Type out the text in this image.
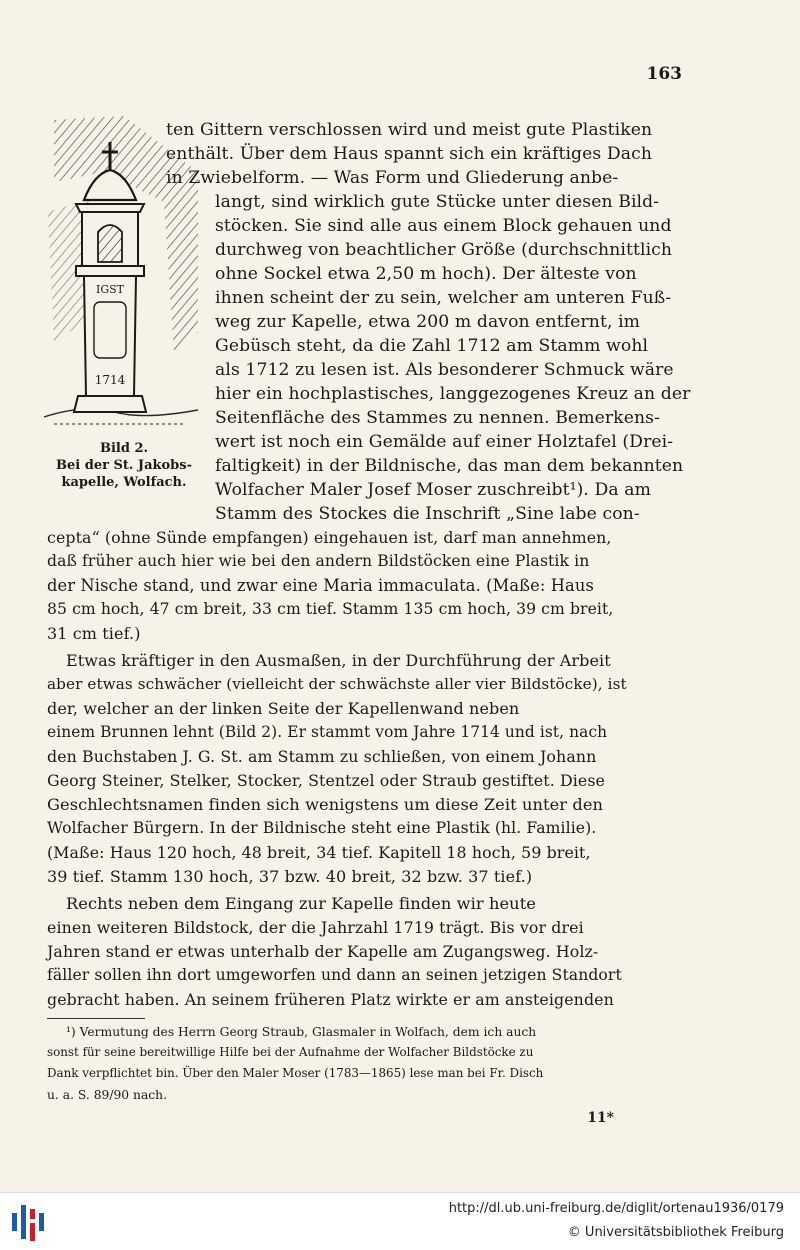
163
IGST
1714
Bild 2.
Bei der St. Jakobs-
kapelle, Wolfach.
ten Gittern verschlossen wird und meist gute Plastiken
enthält. Über dem Haus spannt sich ein kräftiges Dach
in Zwiebelform. — Was Form und Gliederung anbe-
langt, sind wirklich gute Stücke unter diesen Bild-
stöcken. Sie sind alle aus einem Block gehauen und
durchweg von beachtlicher Größe (durchschnittlich
ohne Sockel etwa 2,50 m hoch). Der älteste von
ihnen scheint der zu sein, welcher am unteren Fuß-
weg zur Kapelle, etwa 200 m davon entfernt, im
Gebüsch steht, da die Zahl 1712 am Stamm wohl
als 1712 zu lesen ist. Als besonderer Schmuck wäre
hier ein hochplastisches, langgezogenes Kreuz an der
Seitenfläche des Stammes zu nennen. Bemerkens-
wert ist noch ein Gemälde auf einer Holztafel (Drei-
faltigkeit) in der Bildnische, das man dem bekannten
Wolfacher Maler Josef Moser zuschreibt¹). Da am
Stamm des Stockes die Inschrift „Sine labe con-
cepta“ (ohne Sünde empfangen) eingehauen ist, darf man annehmen,
daß früher auch hier wie bei den andern Bildstöcken eine Plastik in
der Nische stand, und zwar eine Maria immaculata. (Maße: Haus
85 cm hoch, 47 cm breit, 33 cm tief. Stamm 135 cm hoch, 39 cm breit,
31 cm tief.)
Etwas kräftiger in den Ausmaßen, in der Durchführung der Arbeit
aber etwas schwächer (vielleicht der schwächste aller vier Bildstöcke), ist
der, welcher an der linken Seite der Kapellenwand neben
einem Brunnen lehnt (Bild 2). Er stammt vom Jahre 1714 und ist, nach
den Buchstaben J. G. St. am Stamm zu schließen, von einem Johann
Georg Steiner, Stelker, Stocker, Stentzel oder Straub gestiftet. Diese
Geschlechtsnamen finden sich wenigstens um diese Zeit unter den
Wolfacher Bürgern. In der Bildnische steht eine Plastik (hl. Familie).
(Maße: Haus 120 hoch, 48 breit, 34 tief. Kapitell 18 hoch, 59 breit,
39 tief. Stamm 130 hoch, 37 bzw. 40 breit, 32 bzw. 37 tief.)
Rechts neben dem Eingang zur Kapelle finden wir heute
einen weiteren Bildstock, der die Jahrzahl 1719 trägt. Bis vor drei
Jahren stand er etwas unterhalb der Kapelle am Zugangsweg. Holz-
fäller sollen ihn dort umgeworfen und dann an seinen jetzigen Standort
gebracht haben. An seinem früheren Platz wirkte er am ansteigenden
¹) Vermutung des Herrn Georg Straub, Glasmaler in Wolfach, dem ich auch
sonst für seine bereitwillige Hilfe bei der Aufnahme der Wolfacher Bildstöcke zu
Dank verpflichtet bin. Über den Maler Moser (1783—1865) lese man bei Fr. Disch
u. a. S. 89/90 nach.
11*
http://dl.ub.uni-freiburg.de/diglit/ortenau1936/0179
© Universitätsbibliothek Freiburg
